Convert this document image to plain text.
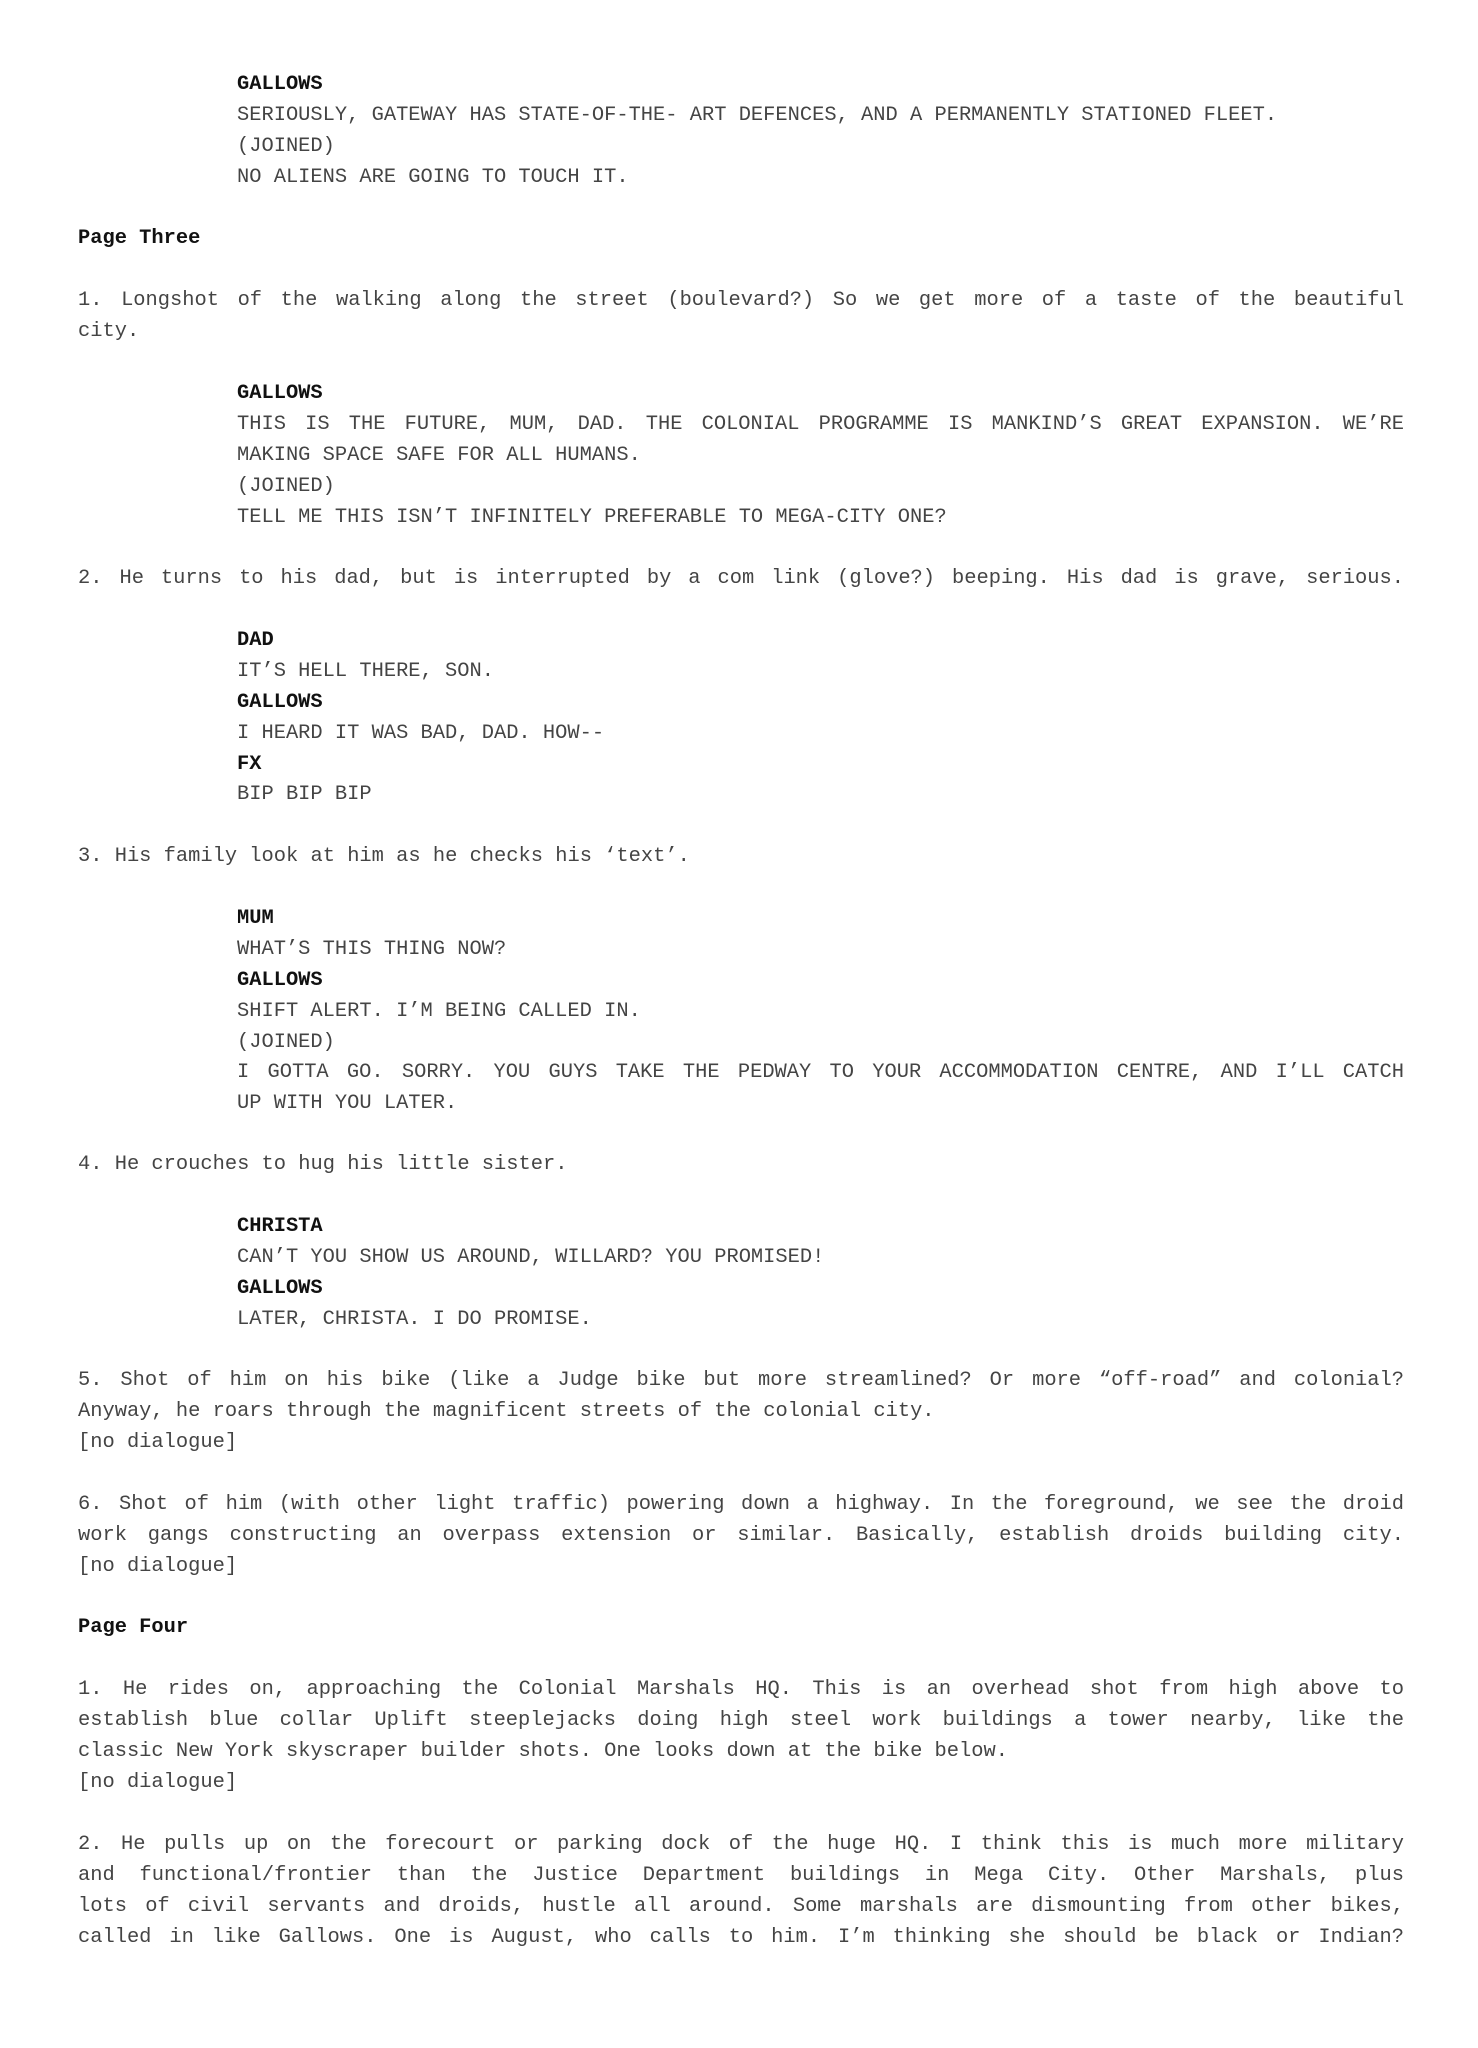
GALLOWS
SERIOUSLY, GATEWAY HAS STATE-OF-THE- ART DEFENCES, AND A PERMANENTLY STATIONED FLEET.
(JOINED)
NO ALIENS ARE GOING TO TOUCH IT.
Page Three
1. Longshot of the walking along the street (boulevard?) So we get more of a taste of the beautiful
city.
GALLOWS
THIS IS THE FUTURE, MUM, DAD. THE COLONIAL PROGRAMME IS MANKIND’S GREAT EXPANSION. WE’RE
MAKING SPACE SAFE FOR ALL HUMANS.
(JOINED)
TELL ME THIS ISN’T INFINITELY PREFERABLE TO MEGA-CITY ONE?
2. He turns to his dad, but is interrupted by a com link (glove?) beeping. His dad is grave, serious.
DAD
IT’S HELL THERE, SON.
GALLOWS
I HEARD IT WAS BAD, DAD. HOW--
FX
BIP BIP BIP
3. His family look at him as he checks his ‘text’.
MUM
WHAT’S THIS THING NOW?
GALLOWS
SHIFT ALERT. I’M BEING CALLED IN.
(JOINED)
I GOTTA GO. SORRY. YOU GUYS TAKE THE PEDWAY TO YOUR ACCOMMODATION CENTRE, AND I’LL CATCH
UP WITH YOU LATER.
4. He crouches to hug his little sister.
CHRISTA
CAN’T YOU SHOW US AROUND, WILLARD? YOU PROMISED!
GALLOWS
LATER, CHRISTA. I DO PROMISE.
5. Shot of him on his bike (like a Judge bike but more streamlined? Or more “off-road” and colonial?
Anyway, he roars through the magnificent streets of the colonial city.
[no dialogue]
6. Shot of him (with other light traffic) powering down a highway. In the foreground, we see the droid
work gangs constructing an overpass extension or similar. Basically, establish droids building city.
[no dialogue]
Page Four
1. He rides on, approaching the Colonial Marshals HQ. This is an overhead shot from high above to
establish blue collar Uplift steeplejacks doing high steel work buildings a tower nearby, like the
classic New York skyscraper builder shots. One looks down at the bike below.
[no dialogue]
2. He pulls up on the forecourt or parking dock of the huge HQ. I think this is much more military
and functional/frontier than the Justice Department buildings in Mega City. Other Marshals, plus
lots of civil servants and droids, hustle all around. Some marshals are dismounting from other bikes,
called in like Gallows. One is August, who calls to him. I’m thinking she should be black or Indian?
